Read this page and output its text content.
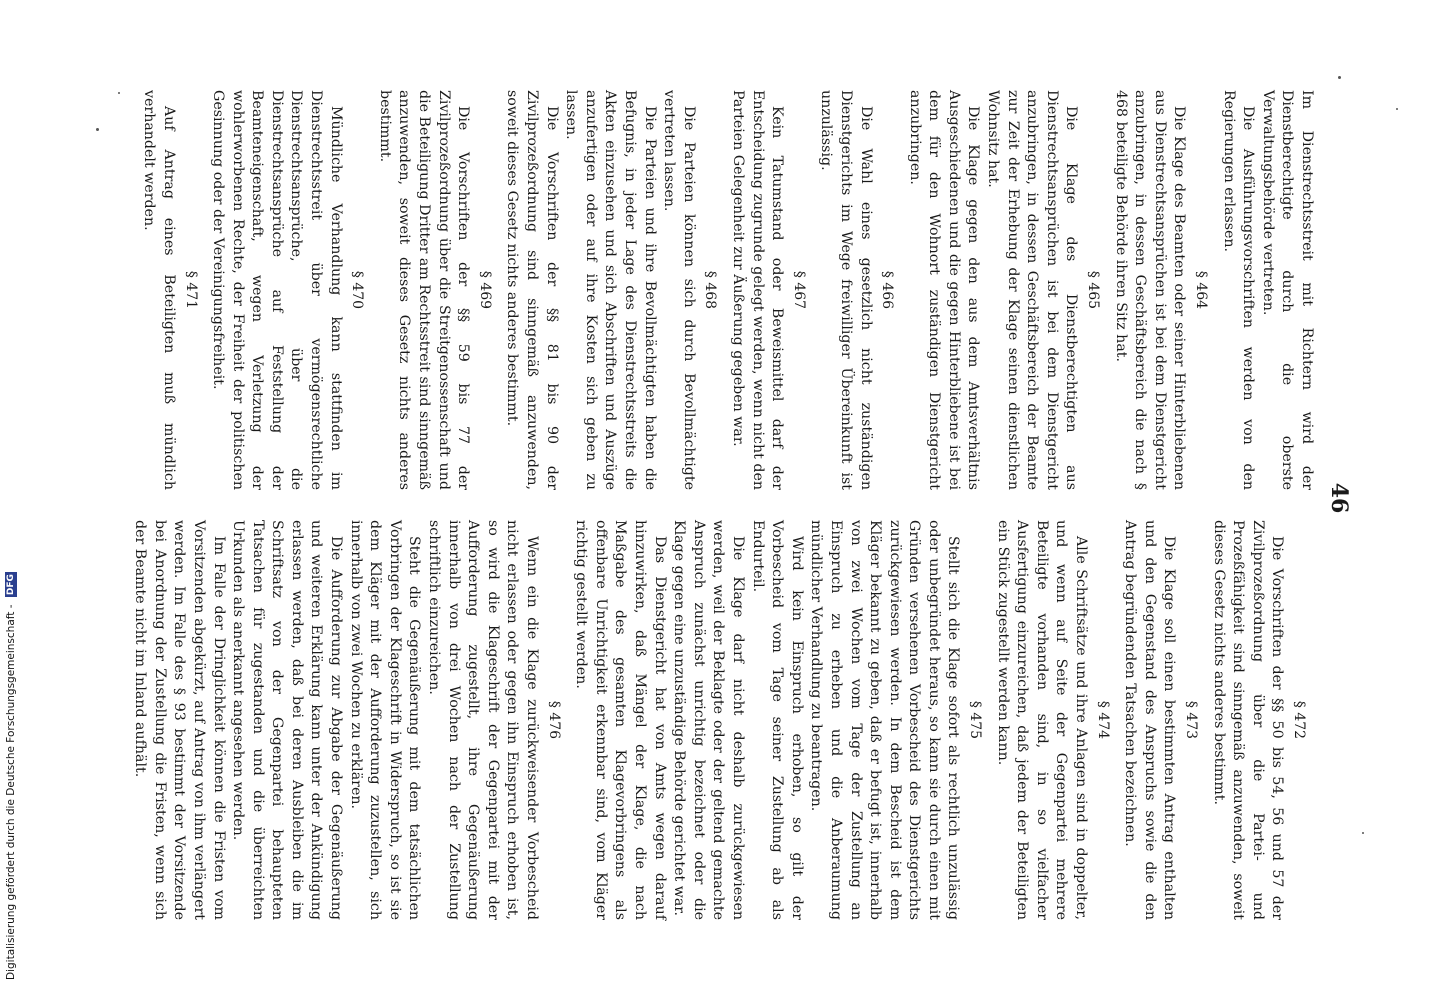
Digitalisierung gefördert durch die Deutsche Forschungsgemeinschaft - DFG
46

Im Dienstrechtsstreit mit Richtern wird der Dienstberechtigte durch die oberste Verwaltungsbehörde vertreten.

Die Ausführungsvorschriften werden von den Regierungen erlassen.

§ 464

Die Klage des Beamten oder seiner Hinterbliebenen aus Dienstrechtsansprüchen ist bei dem Dienstgericht anzubringen, in dessen Geschäftsbereich die nach § 468 beteiligte Behörde ihren Sitz hat.

§ 465

Die Klage des Dienstberechtigten aus Dienstrechtsansprüchen ist bei dem Dienstgericht anzubringen, in dessen Geschäftsbereich der Beamte zur Zeit der Erhebung der Klage seinen dienstlichen Wohnsitz hat.

Die Klage gegen den aus dem Amtsverhältnis Ausgeschiedenen und die gegen Hinterbliebene ist bei dem für den Wohnort zuständigen Dienstgericht anzubringen.

§ 466

Die Wahl eines gesetzlich nicht zuständigen Dienstgerichts im Wege freiwilliger Übereinkunft ist unzulässig.

§ 467

Kein Tatumstand oder Beweismittel darf der Entscheidung zugrunde gelegt werden, wenn nicht den Parteien Gelegenheit zur Äußerung gegeben war.

§ 468

Die Parteien können sich durch Bevollmächtigte vertreten lassen.

Die Parteien und ihre Bevollmächtigten haben die Befugnis, in jeder Lage des Dienstrechtsstreits die Akten einzusehen und sich Abschriften und Auszüge anzufertigen oder auf ihre Kosten sich geben zu lassen.

Die Vorschriften der §§ 81 bis 90 der Zivilprozeßordnung sind sinngemäß anzuwenden, soweit dieses Gesetz nichts anderes bestimmt.

§ 469

Die Vorschriften der §§ 59 bis 77 der Zivilprozeßordnung über die Streitgenossenschaft und die Beteiligung Dritter am Rechtsstreit sind sinngemäß anzuwenden, soweit dieses Gesetz nichts anderes bestimmt.

§ 470

Mündliche Verhandlung kann stattfinden im Dienstrechtsstreit über vermögensrechtliche Dienstrechtsansprüche, über die Dienstrechtsansprüche auf Feststellung der Beamteneigenschaft, wegen Verletzung der wohlerworbenen Rechte, der Freiheit der politischen Gesinnung oder der Vereinigungsfreiheit.

§ 471

Auf Antrag eines Beteiligten muß mündlich verhandelt werden.

§ 472

Die Vorschriften der §§ 50 bis 54, 56 und 57 der Zivilprozeßordnung über die Partei- und Prozeßfähigkeit sind sinngemäß anzuwenden, soweit dieses Gesetz nichts anderes bestimmt.

§ 473

Die Klage soll einen bestimmten Antrag enthalten und den Gegenstand des Anspruchs sowie die den Antrag begründenden Tatsachen bezeichnen.

§ 474

Alle Schriftsätze und ihre Anlagen sind in doppelter, und wenn auf Seite der Gegenpartei mehrere Beteiligte vorhanden sind, in so vielfacher Ausfertigung einzureichen, daß jedem der Beteiligten ein Stück zugestellt werden kann.

§ 475

Stellt sich die Klage sofort als rechtlich unzulässig oder unbegründet heraus, so kann sie durch einen mit Gründen versehenen Vorbescheid des Dienstgerichts zurückgewiesen werden. In dem Bescheid ist dem Kläger bekannt zu geben, daß er befugt ist, innerhalb von zwei Wochen vom Tage der Zustellung an Einspruch zu erheben und die Anberaumung mündlicher Verhandlung zu beantragen.

Wird kein Einspruch erhoben, so gilt der Vorbescheid vom Tage seiner Zustellung ab als Endurteil.

Die Klage darf nicht deshalb zurückgewiesen werden, weil der Beklagte oder der geltend gemachte Anspruch zunächst unrichtig bezeichnet oder die Klage gegen eine unzuständige Behörde gerichtet war.

Das Dienstgericht hat von Amts wegen darauf hinzuwirken, daß Mängel der Klage, die nach Maßgabe des gesamten Klagevorbringens als offenbare Unrichtigkeit erkennbar sind, vom Kläger richtig gestellt werden.

§ 476

Wenn ein die Klage zurückweisender Vorbescheid nicht erlassen oder gegen ihn Einspruch erhoben ist, so wird die Klageschrift der Gegenpartei mit der Aufforderung zugestellt, ihre Gegenäußerung innerhalb von drei Wochen nach der Zustellung schriftlich einzureichen.

Steht die Gegenäußerung mit dem tatsächlichen Vorbringen der Klageschrift in Widerspruch, so ist sie dem Kläger mit der Aufforderung zuzustellen, sich innerhalb von zwei Wochen zu erklären.

Die Aufforderung zur Abgabe der Gegenäußerung und weiteren Erklärung kann unter der Ankündigung erlassen werden, daß bei deren Ausbleiben die im Schriftsatz von der Gegenpartei behaupteten Tatsachen für zugestanden und die überreichten Urkunden als anerkannt angesehen werden.

Im Falle der Dringlichkeit können die Fristen vom Vorsitzenden abgekürzt, auf Antrag von ihm verlängert werden. Im Falle des § 93 bestimmt der Vorsitzende bei Anordnung der Zustellung die Fristen, wenn sich der Beamte nicht im Inland aufhält.
